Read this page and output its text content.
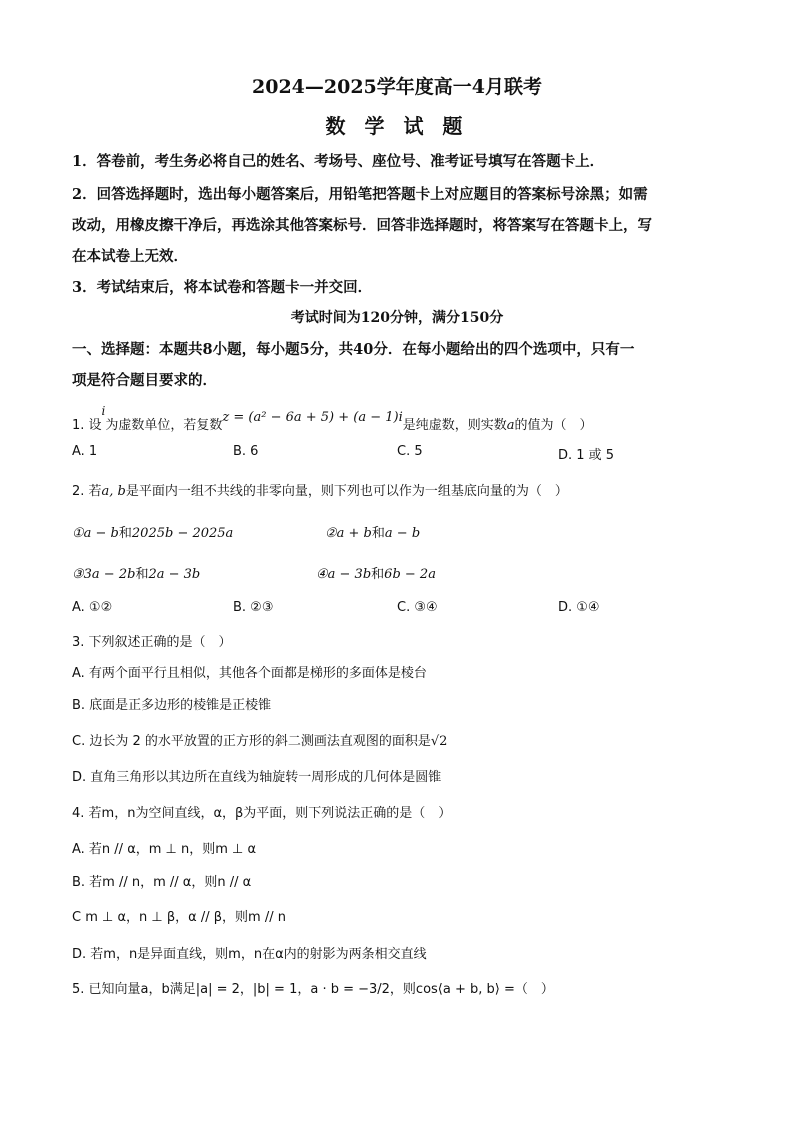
2024—2025学年度高一4月联考
数 学 试 题
1．答卷前，考生务必将自己的姓名、考场号、座位号、准考证号填写在答题卡上．
2．回答选择题时，选出每小题答案后，用铅笔把答题卡上对应题目的答案标号涂黑；如需
改动，用橡皮擦干净后，再选涂其他答案标号．回答非选择题时，将答案写在答题卡上，写
在本试卷上无效．
3．考试结束后，将本试卷和答题卡一并交回．
考试时间为120分钟，满分150分
一、选择题：本题共8小题，每小题5分，共40分．在每小题给出的四个选项中，只有一
项是符合题目要求的．
1. 设i为虚数单位，若复数z = (a² − 6a + 5) + (a − 1)i是纯虚数，则实数a的值为（　）
A. 1	B. 6	C. 5	D. 1 或 5
2. 若a, b是平面内一组不共线的非零向量，则下列也可以作为一组基底向量的为（　）
①a − b和2025b − 2025a	②a + b和a − b
③3a − 2b和2a − 3b	④a − 3b和6b − 2a
A. ①②	B. ②③	C. ③④	D. ①④
3. 下列叙述正确的是（　）
A. 有两个面平行且相似，其他各个面都是梯形的多面体是棱台
B. 底面是正多边形的棱锥是正棱锥
C. 边长为 2 的水平放置的正方形的斜二测画法直观图的面积是√2
D. 直角三角形以其边所在直线为轴旋转一周形成的几何体是圆锥
4. 若m，n为空间直线，α，β为平面，则下列说法正确的是（　）
A. 若n // α，m ⊥ n，则m ⊥ α
B. 若m // n，m // α，则n // α
C m ⊥ α，n ⊥ β，α // β，则m // n
D. 若m，n是异面直线，则m，n在α内的射影为两条相交直线
5. 已知向量a，b满足|a| = 2，|b| = 1，a · b = −3/2，则cos⟨a + b, b⟩ =（　）
